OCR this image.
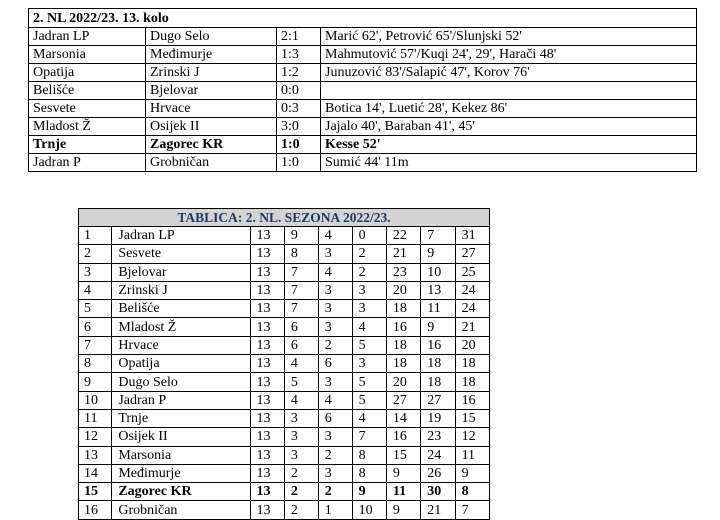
2. NL 2022/23. 13. kolo			
Jadran LP	Dugo Selo	2:1	Marić 62', Petrović 65'/Slunjski 52'
Marsonia	Međimurje	1:3	Mahmutović 57'/Kuqi 24', 29', Harači 48'
Opatija	Zrinski J	1:2	Junuzović 83'/Salapić 47', Korov 76'
Belišće	Bjelovar	0:0	
Sesvete	Hrvace	0:3	Botica 14', Luetić 28', Kekez 86'
Mladost Ž	Osijek II	3:0	Jajalo 40', Baraban 41', 45'
Trnje	Zagorec KR	1:0	Kesse 52'
Jadran P	Grobničan	1:0	Sumić 44' 11m
TABLICA: 2. NL. SEZONA 2022/23.								
1	Jadran LP	13	9	4	0	22	7	31
2	Sesvete	13	8	3	2	21	9	27
3	Bjelovar	13	7	4	2	23	10	25
4	Zrinski J	13	7	3	3	20	13	24
5	Belišće	13	7	3	3	18	11	24
6	Mladost Ž	13	6	3	4	16	9	21
7	Hrvace	13	6	2	5	18	16	20
8	Opatija	13	4	6	3	18	18	18
9	Dugo Selo	13	5	3	5	20	18	18
10	Jadran P	13	4	4	5	27	27	16
11	Trnje	13	3	6	4	14	19	15
12	Osijek II	13	3	3	7	16	23	12
13	Marsonia	13	3	2	8	15	24	11
14	Međimurje	13	2	3	8	9	26	9
15	Zagorec KR	13	2	2	9	11	30	8
16	Grobničan	13	2	1	10	9	21	7
